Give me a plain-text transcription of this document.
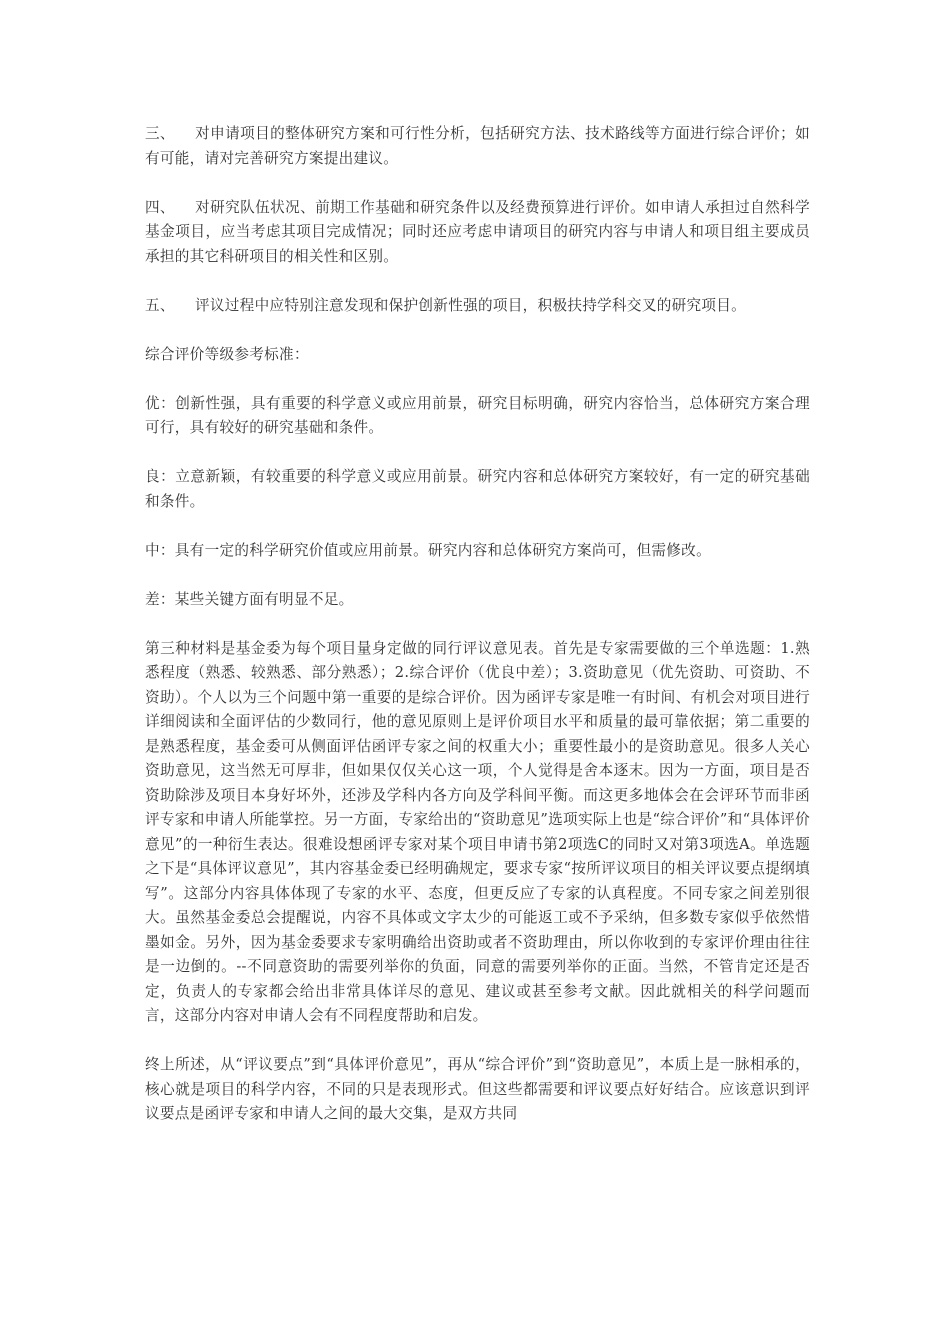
三、 对申请项目的整体研究方案和可行性分析，包括研究方法、技术路线等方面进行综合评价；如有可能，请对完善研究方案提出建议。

四、 对研究队伍状况、前期工作基础和研究条件以及经费预算进行评价。如申请人承担过自然科学基金项目，应当考虑其项目完成情况；同时还应考虑申请项目的研究内容与申请人和项目组主要成员承担的其它科研项目的相关性和区别。

五、 评议过程中应特别注意发现和保护创新性强的项目，积极扶持学科交叉的研究项目。

综合评价等级参考标准：

优：创新性强，具有重要的科学意义或应用前景，研究目标明确，研究内容恰当，总体研究方案合理可行，具有较好的研究基础和条件。

良：立意新颖，有较重要的科学意义或应用前景。研究内容和总体研究方案较好，有一定的研究基础和条件。

中：具有一定的科学研究价值或应用前景。研究内容和总体研究方案尚可，但需修改。

差：某些关键方面有明显不足。

第三种材料是基金委为每个项目量身定做的同行评议意见表。首先是专家需要做的三个单选题：1.熟悉程度（熟悉、较熟悉、部分熟悉）；2.综合评价（优良中差）；3.资助意见（优先资助、可资助、不资助）。个人以为三个问题中第一重要的是综合评价。因为函评专家是唯一有时间、有机会对项目进行详细阅读和全面评估的少数同行，他的意见原则上是评价项目水平和质量的最可靠依据；第二重要的是熟悉程度，基金委可从侧面评估函评专家之间的权重大小；重要性最小的是资助意见。很多人关心资助意见，这当然无可厚非，但如果仅仅关心这一项，个人觉得是舍本逐末。因为一方面，项目是否资助除涉及项目本身好坏外，还涉及学科内各方向及学科间平衡。而这更多地体会在会评环节而非函评专家和申请人所能掌控。另一方面，专家给出的“资助意见”选项实际上也是“综合评价”和“具体评价意见”的一种衍生表达。很难设想函评专家对某个项目申请书第2项选C的同时又对第3项选A。单选题之下是“具体评议意见”，其内容基金委已经明确规定，要求专家“按所评议项目的相关评议要点提纲填写”。这部分内容具体体现了专家的水平、态度，但更反应了专家的认真程度。不同专家之间差别很大。虽然基金委总会提醒说，内容不具体或文字太少的可能返工或不予采纳，但多数专家似乎依然惜墨如金。另外，因为基金委要求专家明确给出资助或者不资助理由，所以你收到的专家评价理由往往是一边倒的。--不同意资助的需要列举你的负面，同意的需要列举你的正面。当然，不管肯定还是否定，负责人的专家都会给出非常具体详尽的意见、建议或甚至参考文献。因此就相关的科学问题而言，这部分内容对申请人会有不同程度帮助和启发。

终上所述，从“评议要点”到“具体评价意见”，再从“综合评价”到“资助意见”，本质上是一脉相承的，核心就是项目的科学内容，不同的只是表现形式。但这些都需要和评议要点好好结合。应该意识到评议要点是函评专家和申请人之间的最大交集，是双方共同
